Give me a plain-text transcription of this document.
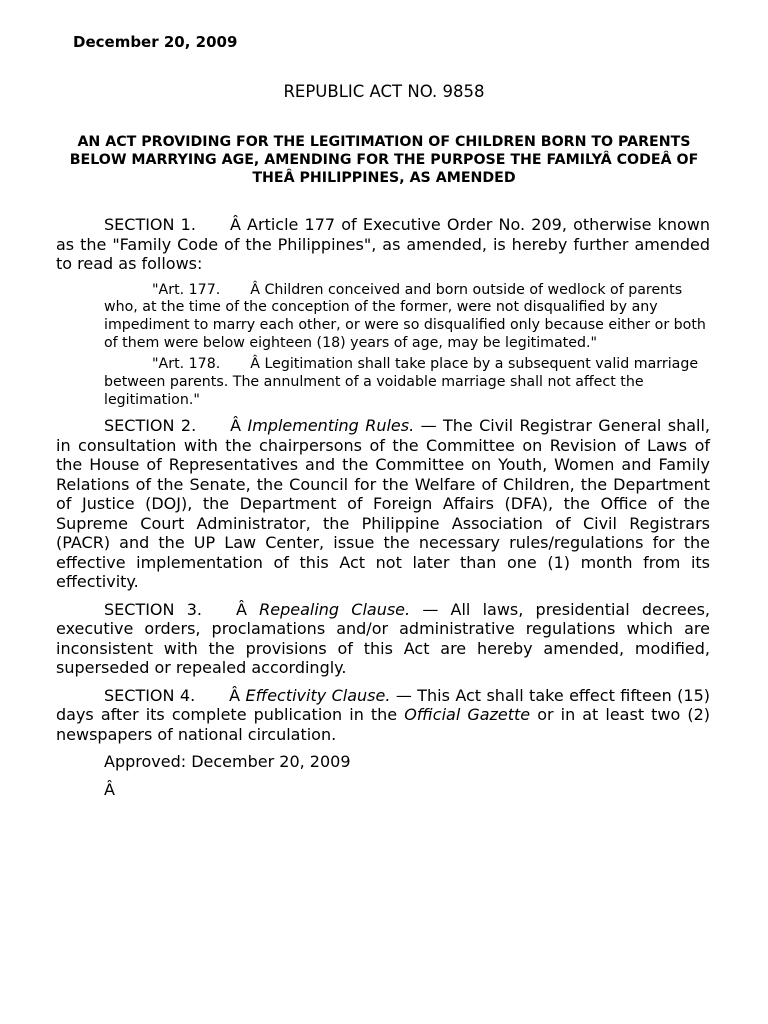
December 20, 2009
REPUBLIC ACT NO. 9858
AN ACT PROVIDING FOR THE LEGITIMATION OF CHILDREN BORN TO PARENTS BELOW MARRYING AGE, AMENDING FOR THE PURPOSE THE FAMILYÂ CODEÂ OF THEÂ PHILIPPINES, AS AMENDED

SECTION 1. Â Article 177 of Executive Order No. 209, otherwise known as the "Family Code of the Philippines", as amended, is hereby further amended to read as follows:

"Art. 177. Â Children conceived and born outside of wedlock of parents who, at the time of the conception of the former, were not disqualified by any impediment to marry each other, or were so disqualified only because either or both of them were below eighteen (18) years of age, may be legitimated."

"Art. 178. Â Legitimation shall take place by a subsequent valid marriage between parents. The annulment of a voidable marriage shall not affect the legitimation."

SECTION 2. Â Implementing Rules. — The Civil Registrar General shall, in consultation with the chairpersons of the Committee on Revision of Laws of the House of Representatives and the Committee on Youth, Women and Family Relations of the Senate, the Council for the Welfare of Children, the Department of Justice (DOJ), the Department of Foreign Affairs (DFA), the Office of the Supreme Court Administrator, the Philippine Association of Civil Registrars (PACR) and the UP Law Center, issue the necessary rules/regulations for the effective implementation of this Act not later than one (1) month from its effectivity.

SECTION 3. Â Repealing Clause. — All laws, presidential decrees, executive orders, proclamations and/or administrative regulations which are inconsistent with the provisions of this Act are hereby amended, modified, superseded or repealed accordingly.

SECTION 4. Â Effectivity Clause. — This Act shall take effect fifteen (15) days after its complete publication in the Official Gazette or in at least two (2) newspapers of national circulation.

Approved: December 20, 2009

Â
